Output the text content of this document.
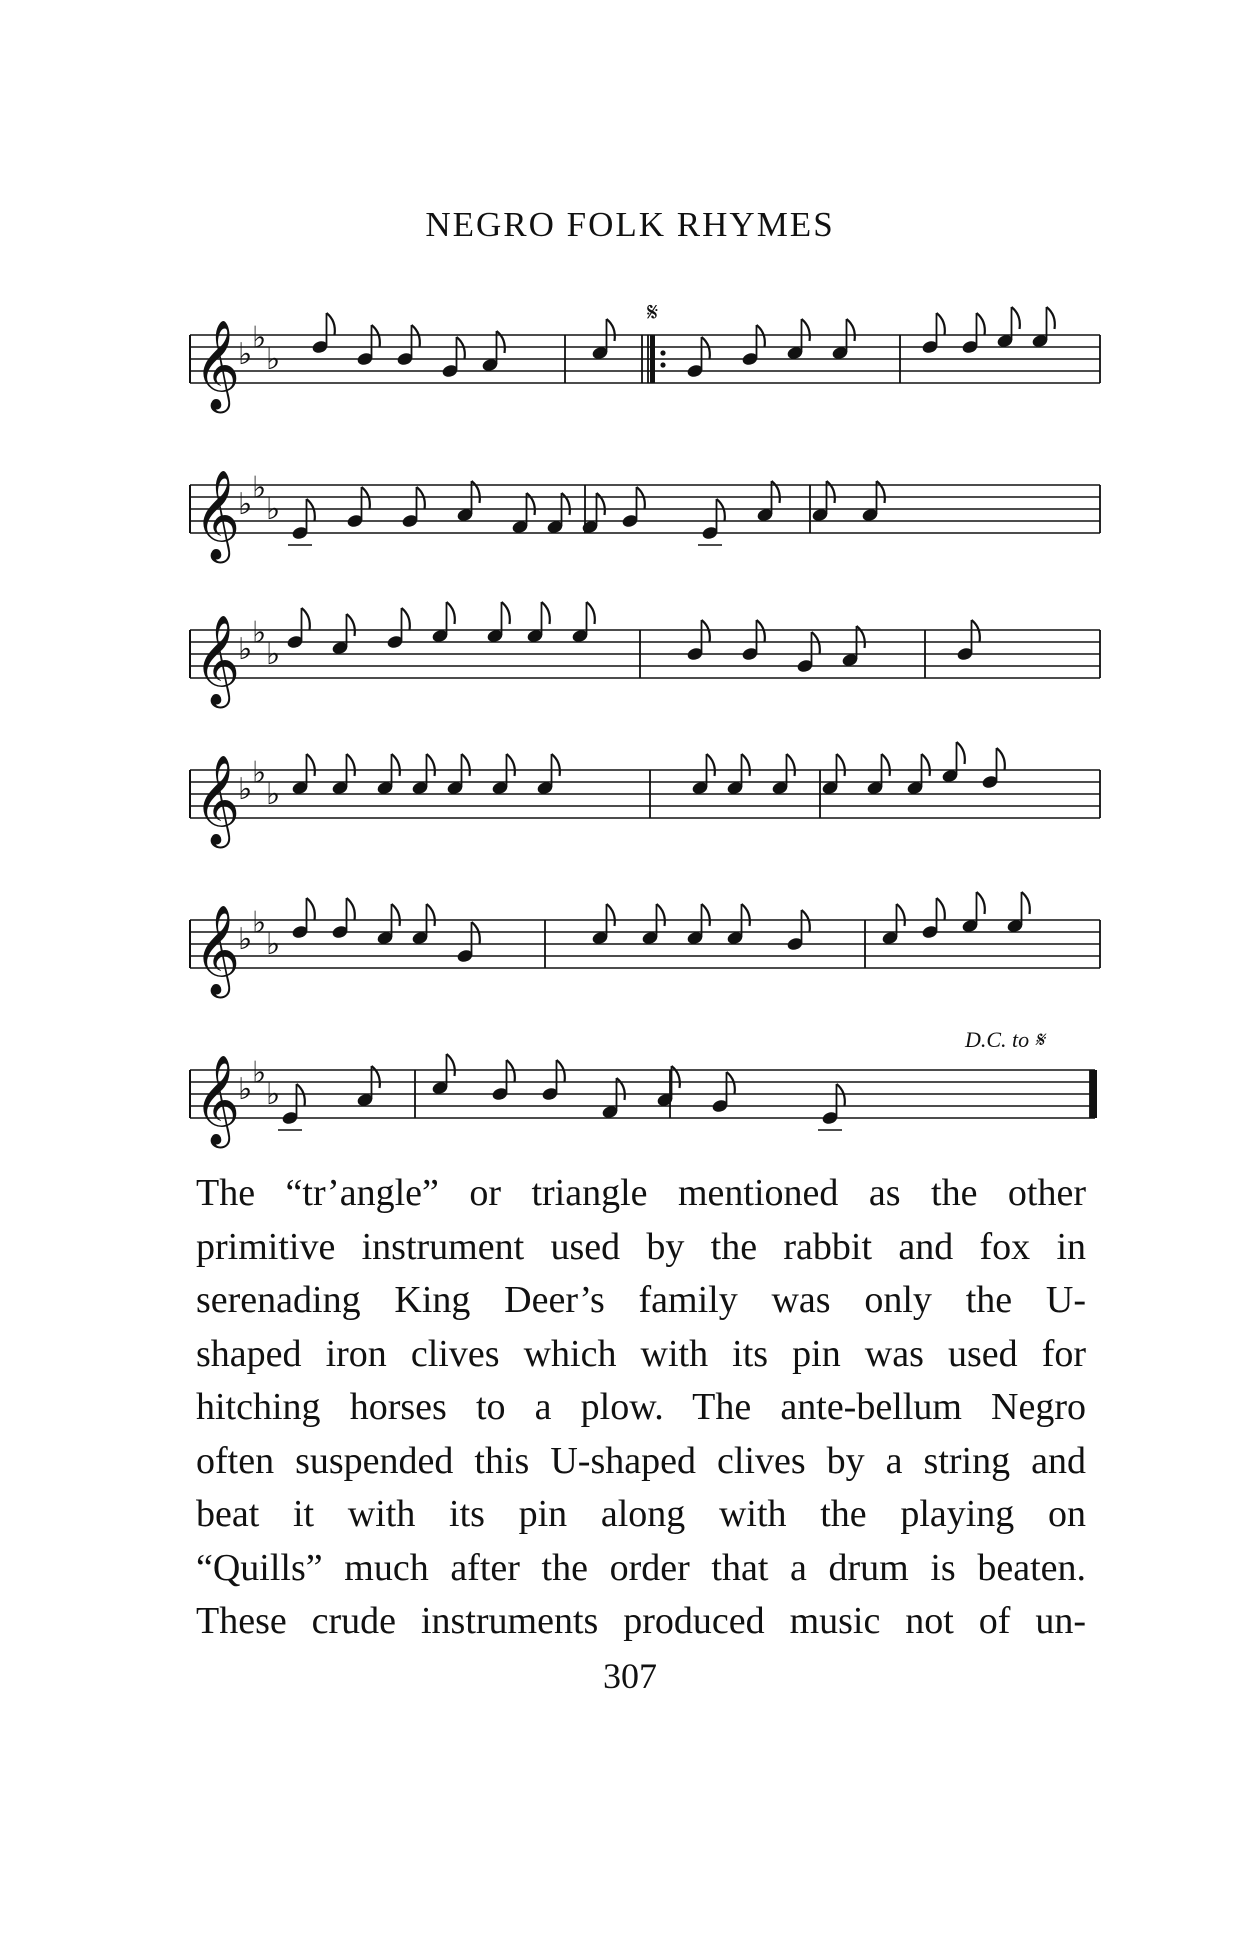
NEGRO FOLK RHYMES
𝄞
♭ ♭
♭
𝄋
𝄞
♭ ♭
♭
𝄞
♭ ♭
♭
𝄞
♭ ♭
♭
𝄞
♭ ♭
♭
𝄞
♭ ♭
♭
D.C. to 𝄋

The “tr’angle” or triangle mentioned as the other
primitive instrument used by the rabbit and fox in
serenading King Deer’s family was only the U-
shaped iron clives which with its pin was used for
hitching horses to a plow. The ante-bellum Negro
often suspended this U-shaped clives by a string and
beat it with its pin along with the playing on
“Quills” much after the order that a drum is beaten.
These crude instruments produced music not of un-

307
